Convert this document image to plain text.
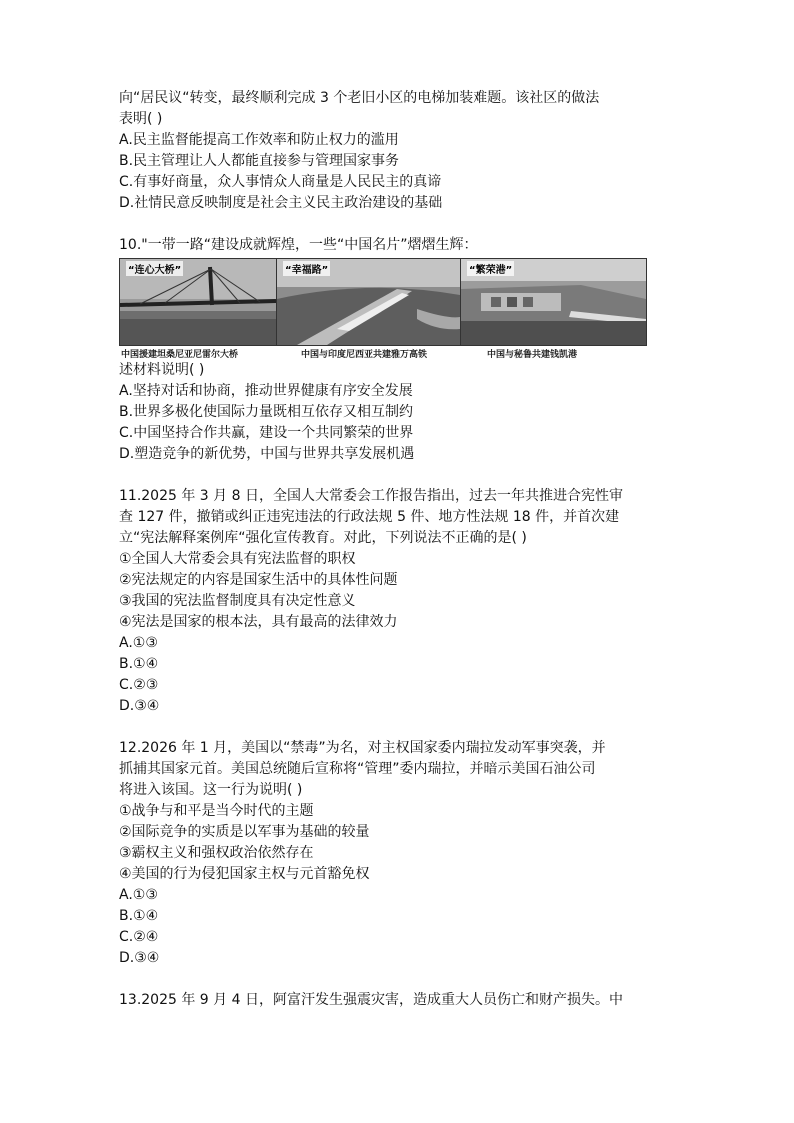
向“居民议“转变，最终顺利完成 3 个老旧小区的电梯加装难题。该社区的做法
表明( )
A.民主监督能提高工作效率和防止权力的滥用
B.民主管理让人人都能直接参与管理国家事务
C.有事好商量，众人事情众人商量是人民民主的真谛
D.社情民意反映制度是社会主义民主政治建设的基础
10."一带一路“建设成就辉煌，一些“中国名片”熠熠生辉：
“连心大桥”	“幸福路”	“繁荣港”
中国援建坦桑尼亚尼雷尔大桥	中国与印度尼西亚共建雅万高铁	中国与秘鲁共建钱凯港
述材料说明( )
A.坚持对话和协商，推动世界健康有序安全发展
B.世界多极化使国际力量既相互依存又相互制约
C.中国坚持合作共赢，建设一个共同繁荣的世界
D.塑造竞争的新优势，中国与世界共享发展机遇
11.2025 年 3 月 8 日，全国人大常委会工作报告指出，过去一年共推进合宪性审
查 127 件，撤销或纠正违宪违法的行政法规 5 件、地方性法规 18 件，并首次建
立“宪法解释案例库“强化宣传教育。对此，下列说法不正确的是( )
①全国人大常委会具有宪法监督的职权
②宪法规定的内容是国家生活中的具体性问题
③我国的宪法监督制度具有决定性意义
④宪法是国家的根本法，具有最高的法律效力
A.①③
B.①④
C.②③
D.③④
12.2026 年 1 月，美国以“禁毒”为名，对主权国家委内瑞拉发动军事突袭，并
抓捕其国家元首。美国总统随后宣称将“管理”委内瑞拉，并暗示美国石油公司
将进入该国。这一行为说明( )
①战争与和平是当今时代的主题
②国际竞争的实质是以军事为基础的较量
③霸权主义和强权政治依然存在
④美国的行为侵犯国家主权与元首豁免权
A.①③
B.①④
C.②④
D.③④
13.2025 年 9 月 4 日，阿富汗发生强震灾害，造成重大人员伤亡和财产损失。中
